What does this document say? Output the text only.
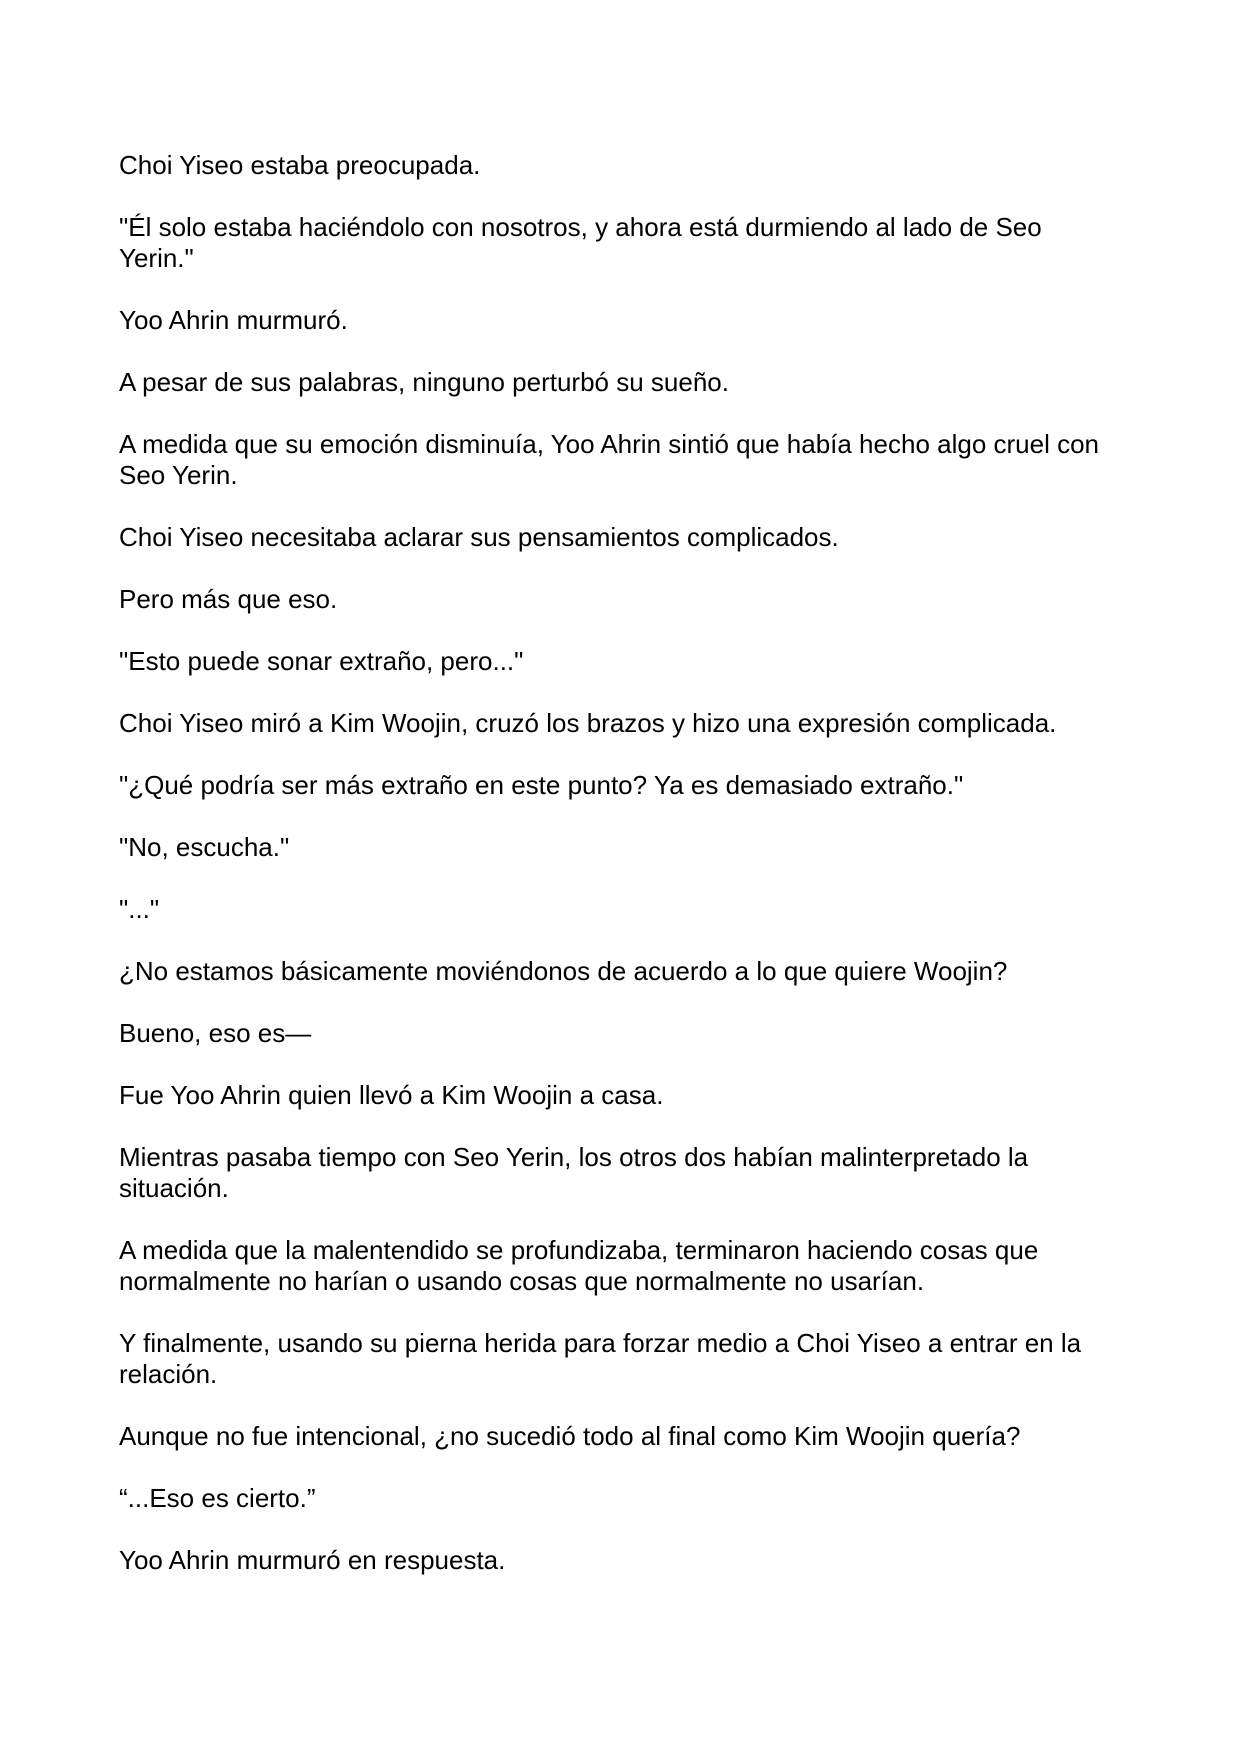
Choi Yiseo estaba preocupada.

"Él solo estaba haciéndolo con nosotros, y ahora está durmiendo al lado de Seo Yerin."

Yoo Ahrin murmuró.

A pesar de sus palabras, ninguno perturbó su sueño.

A medida que su emoción disminuía, Yoo Ahrin sintió que había hecho algo cruel con Seo Yerin.

Choi Yiseo necesitaba aclarar sus pensamientos complicados.

Pero más que eso.

"Esto puede sonar extraño, pero..."

Choi Yiseo miró a Kim Woojin, cruzó los brazos y hizo una expresión complicada.

"¿Qué podría ser más extraño en este punto? Ya es demasiado extraño."

"No, escucha."

"..."

¿No estamos básicamente moviéndonos de acuerdo a lo que quiere Woojin?

Bueno, eso es—

Fue Yoo Ahrin quien llevó a Kim Woojin a casa.

Mientras pasaba tiempo con Seo Yerin, los otros dos habían malinterpretado la situación.

A medida que la malentendido se profundizaba, terminaron haciendo cosas que normalmente no harían o usando cosas que normalmente no usarían.

Y finalmente, usando su pierna herida para forzar medio a Choi Yiseo a entrar en la relación.

Aunque no fue intencional, ¿no sucedió todo al final como Kim Woojin quería?

“...Eso es cierto.”

Yoo Ahrin murmuró en respuesta.
